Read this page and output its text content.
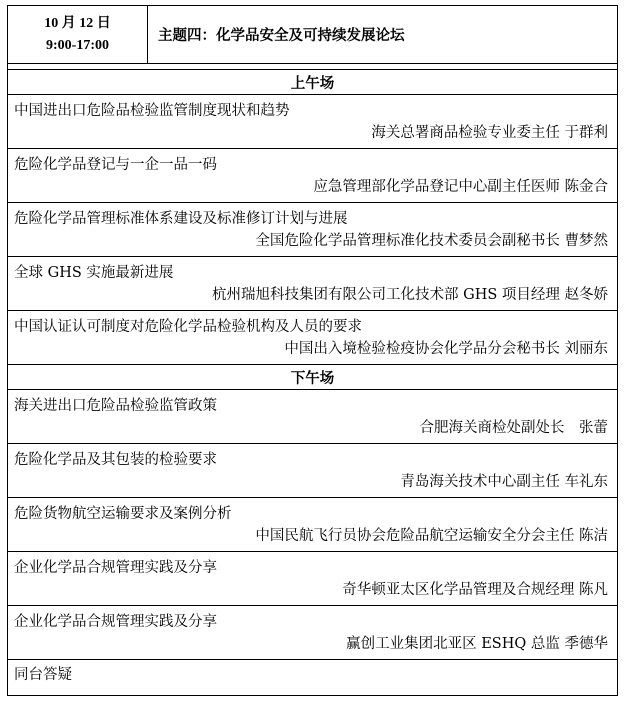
10 月 12 日
9:00-17:00
主题四：化学品安全及可持续发展论坛
上午场
中国进出口危险品检验监管制度现状和趋势
海关总署商品检验专业委主任 于群利
危险化学品登记与一企一品一码
应急管理部化学品登记中心副主任医师 陈金合
危险化学品管理标准体系建设及标准修订计划与进展
全国危险化学品管理标准化技术委员会副秘书长 曹梦然
全球 GHS 实施最新进展
杭州瑞旭科技集团有限公司工化技术部 GHS 项目经理 赵冬娇
中国认证认可制度对危险化学品检验机构及人员的要求
中国出入境检验检疫协会化学品分会秘书长 刘丽东
下午场
海关进出口危险品检验监管政策
合肥海关商检处副处长　张蕾
危险化学品及其包装的检验要求
青岛海关技术中心副主任 车礼东
危险货物航空运输要求及案例分析
中国民航飞行员协会危险品航空运输安全分会主任 陈洁
企业化学品合规管理实践及分享
奇华顿亚太区化学品管理及合规经理 陈凡
企业化学品合规管理实践及分享
赢创工业集团北亚区 ESHQ 总监 季德华
同台答疑
